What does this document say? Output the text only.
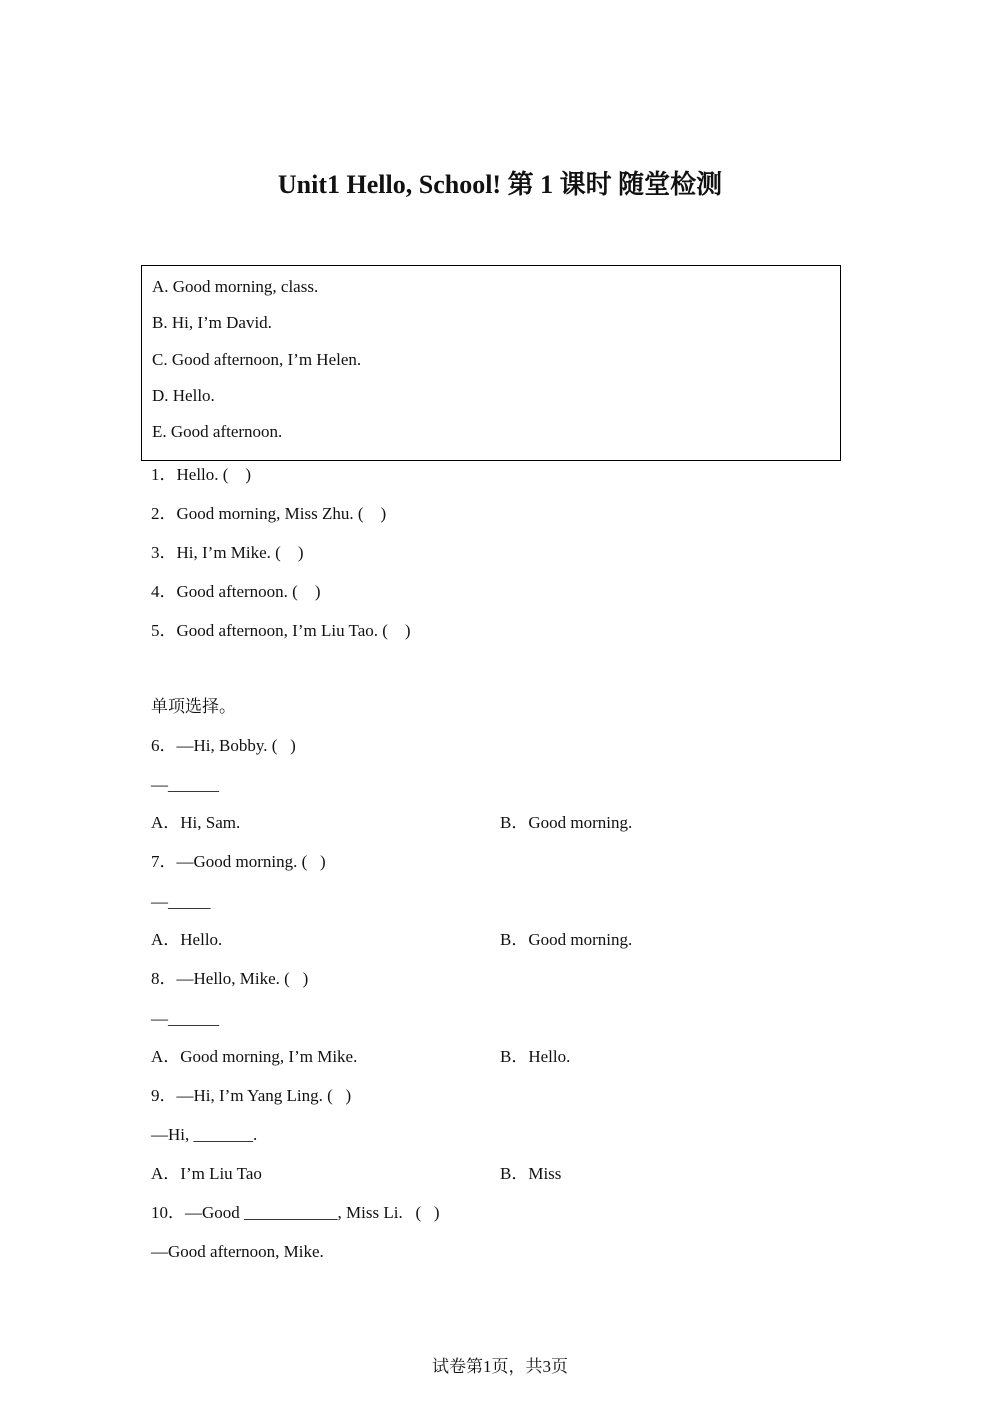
Unit1 Hello, School! 第 1 课时 随堂检测
A. Good morning, class.
B. Hi, I’m David.
C. Good afternoon, I’m Helen.
D. Hello.
E. Good afternoon.
1．Hello. (    )
2．Good morning, Miss Zhu. (    )
3．Hi, I’m Mike. (    )
4．Good afternoon. (    )
5．Good afternoon, I’m Liu Tao. (    )
单项选择。
6．—Hi, Bobby. (   )
—______
A．Hi, Sam.	B．Good morning.
7．—Good morning. (   )
—_____
A．Hello.	B．Good morning.
8．—Hello, Mike. (   )
—______
A．Good morning, I’m Mike.	B．Hello.
9．—Hi, I’m Yang Ling. (   )
—Hi, _______.
A．I’m Liu Tao	B．Miss
10．—Good ___________, Miss Li.   (   )
—Good afternoon, Mike.
试卷第1页，共3页
